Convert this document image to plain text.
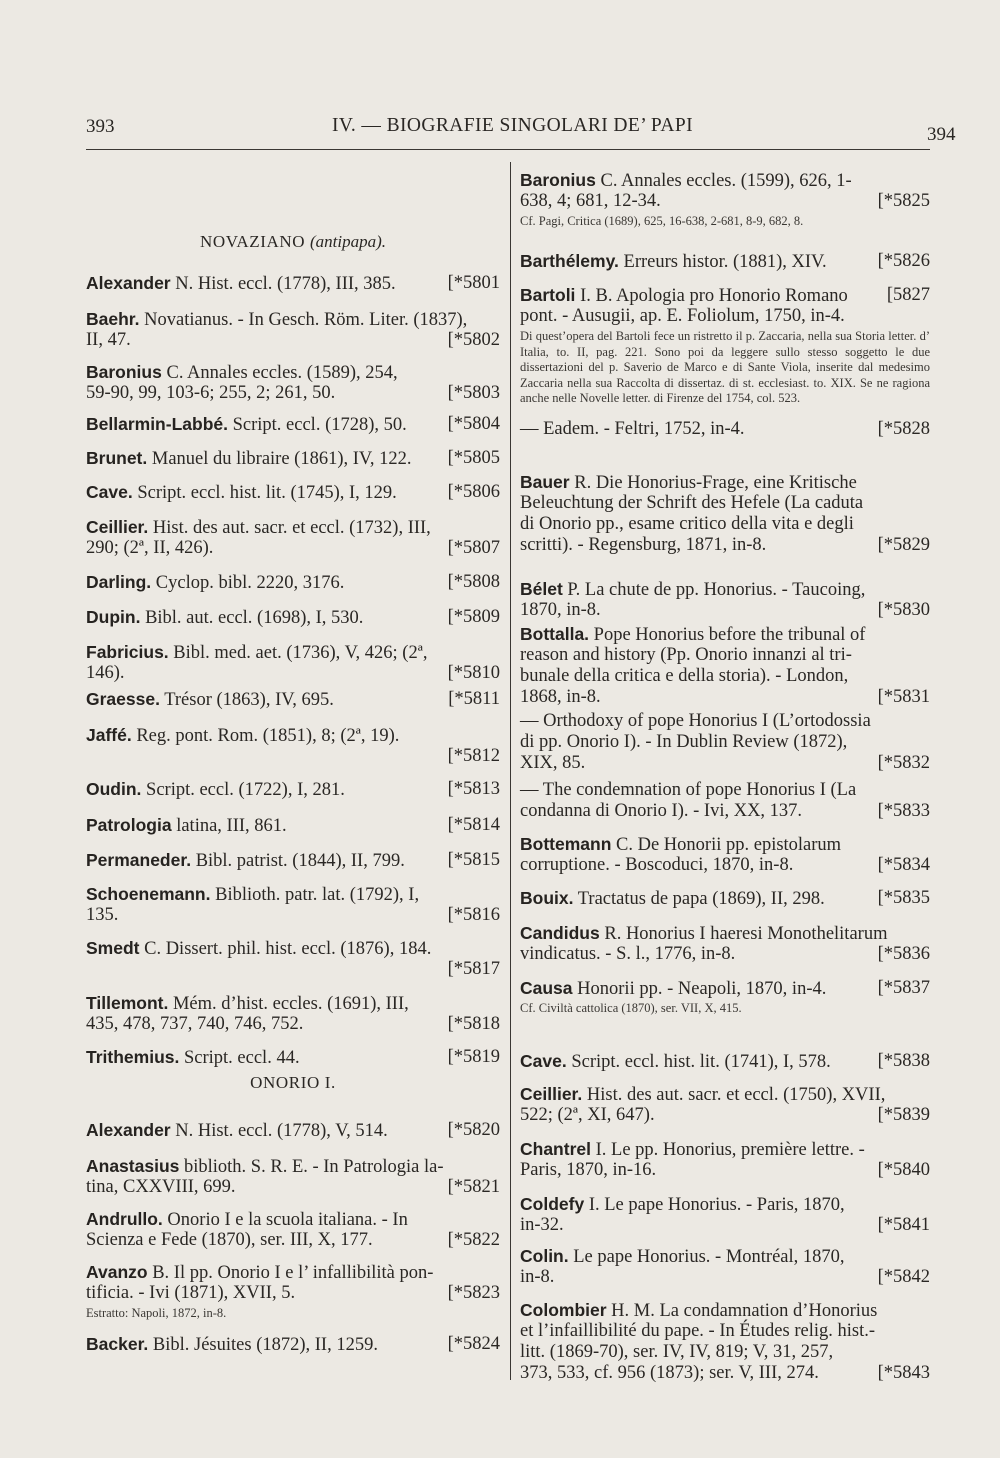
393	IV. — BIOGRAFIE SINGOLARI DE’ PAPI	394
NOVAZIANO (antipapa).
ONORIO I.
Alexander N. Hist. eccl. (1778), III, 385.	[*5801
Baehr. Novatianus. - In Gesch. Röm. Liter. (1837),
II, 47.	[*5802
Baronius C. Annales eccles. (1589), 254,
59-90, 99, 103-6; 255, 2; 261, 50.	[*5803
Bellarmin-Labbé. Script. eccl. (1728), 50. [*5804
Brunet. Manuel du libraire (1861), IV, 122. [*5805
Cave. Script. eccl. hist. lit. (1745), I, 129.	[*5806
Ceillier. Hist. des aut. sacr. et eccl. (1732), III,
290; (2ª, II, 426).	[*5807
Darling. Cyclop. bibl. 2220, 3176.	[*5808
Dupin. Bibl. aut. eccl. (1698), I, 530.	[*5809
Fabricius. Bibl. med. aet. (1736), V, 426; (2ª,
146).	[*5810
Graesse. Trésor (1863), IV, 695.	[*5811
Jaffé. Reg. pont. Rom. (1851), 8; (2ª, 19).
[*5812
Oudin. Script. eccl. (1722), I, 281.	[*5813
Patrologia latina, III, 861.	[*5814
Permaneder. Bibl. patrist. (1844), II, 799. [*5815
Schoenemann. Biblioth. patr. lat. (1792), I,
135.	[*5816
Smedt C. Dissert. phil. hist. eccl. (1876), 184.
[*5817
Tillemont. Mém. d’hist. eccles. (1691), III,
435, 478, 737, 740, 746, 752.	[*5818
Trithemius. Script. eccl. 44.	[*5819
Alexander N. Hist. eccl. (1778), V, 514.	[*5820
Anastasius biblioth. S. R. E. - In Patrologia la-
tina, CXXVIII, 699.	[*5821
Andrullo. Onorio I e la scuola italiana. - In
Scienza e Fede (1870), ser. III, X, 177.	[*5822
Avanzo B. Il pp. Onorio I e l’ infallibilità pon-
tificia. - Ivi (1871), XVII, 5.	[*5823
Estratto: Napoli, 1872, in-8.
Backer. Bibl. Jésuites (1872), II, 1259.	[*5824
Baronius C. Annales eccles. (1599), 626, 1-
638, 4; 681, 12-34.	[*5825
Cf. Pagi, Critica (1689), 625, 16-638, 2-681, 8-9, 682, 8.
Barthélemy. Erreurs histor. (1881), XIV.	[*5826
Bartoli I. B. Apologia pro Honorio Romano [5827
pont. - Ausugii, ap. E. Foliolum, 1750, in-4.
Di quest’opera del Bartoli fece un ristretto il p. Zaccaria, nella sua Storia letter. d’ Italia, to. II, pag. 221. Sono poi da leggere sullo stesso soggetto le due dissertazioni del p. Saverio de Marco e di Sante Viola, inserite dal medesimo Zaccaria nella sua Raccolta di dissertaz. di st. ecclesiast. to. XIX. Se ne ragiona anche nelle Novelle letter. di Firenze del 1754, col. 523.
— Eadem. - Feltri, 1752, in-4.	[*5828
Bauer R. Die Honorius-Frage, eine Kritische
Beleuchtung der Schrift des Hefele (La caduta
di Onorio pp., esame critico della vita e degli
scritti). - Regensburg, 1871, in-8.	[*5829
Bélet P. La chute de pp. Honorius. - Taucoing,
1870, in-8.	[*5830
Bottalla. Pope Honorius before the tribunal of
reason and history (Pp. Onorio innanzi al tri-
bunale della critica e della storia). - London,
1868, in-8.	[*5831
— Orthodoxy of pope Honorius I (L’ortodossia
di pp. Onorio I). - In Dublin Review (1872),
XIX, 85.	[*5832
— The condemnation of pope Honorius I (La
condanna di Onorio I). - Ivi, XX, 137.	[*5833
Bottemann C. De Honorii pp. epistolarum
corruptione. - Boscoduci, 1870, in-8.	[*5834
Bouix. Tractatus de papa (1869), II, 298.	[*5835
Candidus R. Honorius I haeresi Monothelitarum
vindicatus. - S. l., 1776, in-8.	[*5836
Causa Honorii pp. - Neapoli, 1870, in-4.	[*5837
Cf. Civiltà cattolica (1870), ser. VII, X, 415.
Cave. Script. eccl. hist. lit. (1741), I, 578.	[*5838
Ceillier. Hist. des aut. sacr. et eccl. (1750), XVII,
522; (2ª, XI, 647).	[*5839
Chantrel I. Le pp. Honorius, première lettre. -
Paris, 1870, in-16.	[*5840
Coldefy I. Le pape Honorius. - Paris, 1870,
in-32.	[*5841
Colin. Le pape Honorius. - Montréal, 1870,
in-8.	[*5842
Colombier H. M. La condamnation d’Honorius
et l’infaillibilité du pape. - In Études relig. hist.-
litt. (1869-70), ser. IV, IV, 819; V, 31, 257,
373, 533, cf. 956 (1873); ser. V, III, 274.	[*5843
